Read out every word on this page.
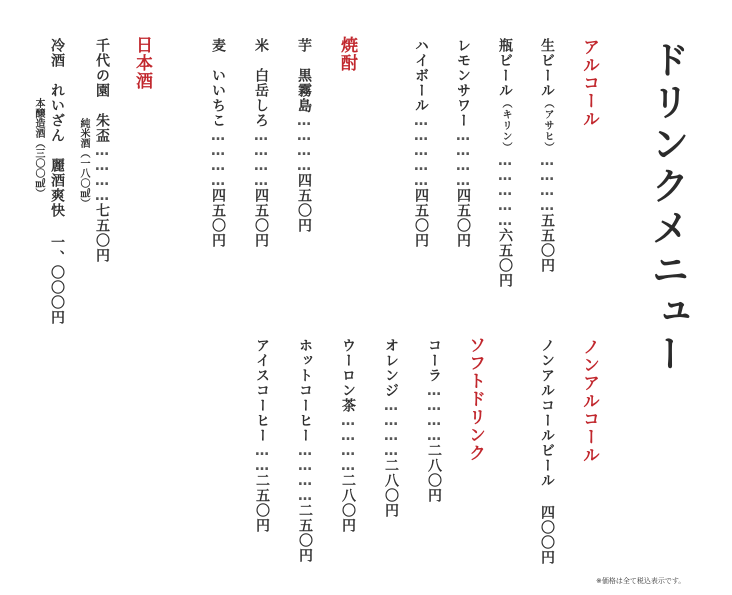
ドリンクメニュー
アルコール
生ビール（アサヒ）…………五五〇円
瓶ビール（キリン）……………六五〇円
レモンサワー…………四五〇円
ハイボール……………四五〇円
焼酎
芋　黒霧島…………四五〇円
米　白岳しろ…………四五〇円
麦　いいちこ…………四五〇円
日本酒
千代の園　朱盃…………七五〇円
純米酒（一八〇㎖）
冷酒　れいざん　麗酒爽快 一、〇〇〇円
本醸造酒（三〇〇㎖）
ノンアルコール
ノンアルコールビール 四〇〇円
ソフトドリンク
コーラ…………二八〇円
オレンジ…………二八〇円
ウーロン茶…………二八〇円
ホットコーヒー…………二五〇円
アイスコーヒー……二五〇円
※価格は全て税込表示です。
